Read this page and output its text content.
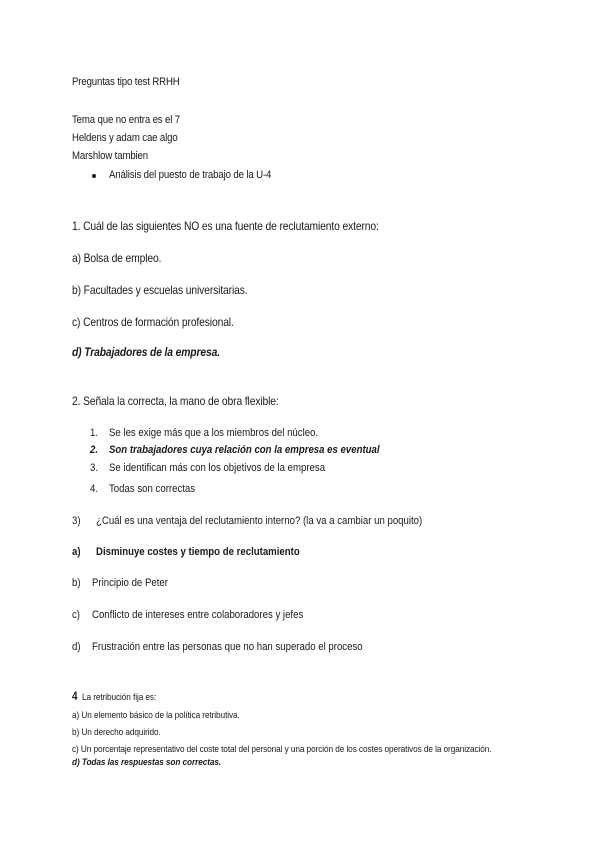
Preguntas tipo test RRHH
Tema que no entra es el 7
Heldens y adam cae algo
Marshlow tambien
Análisis del puesto de trabajo de la U-4
1. Cuál de las siguientes NO es una fuente de reclutamiento externo:
a) Bolsa de empleo.
b) Facultades y escuelas universitarias.
c) Centros de formación profesional.
d) Trabajadores de la empresa.
2. Señala la correcta, la mano de obra flexible:
1. Se les exige más que a los miembros del núcleo.
2. Son trabajadores cuya relación con la empresa es eventual
3. Se identifican más con los objetivos de la empresa
4. Todas son correctas
3) ¿Cuál es una ventaja del reclutamiento interno? (la va a cambiar un poquito)
a) Disminuye costes y tiempo de reclutamiento
b) Principio de Peter
c) Conflicto de intereses entre colaboradores y jefes
d) Frustración entre las personas que no han superado el proceso
4 La retribución fija es:
a) Un elemento básico de la política retributiva.
b) Un derecho adquirido.
c) Un porcentaje representativo del coste total del personal y una porción de los costes operativos de la organización.
d) Todas las respuestas son correctas.
